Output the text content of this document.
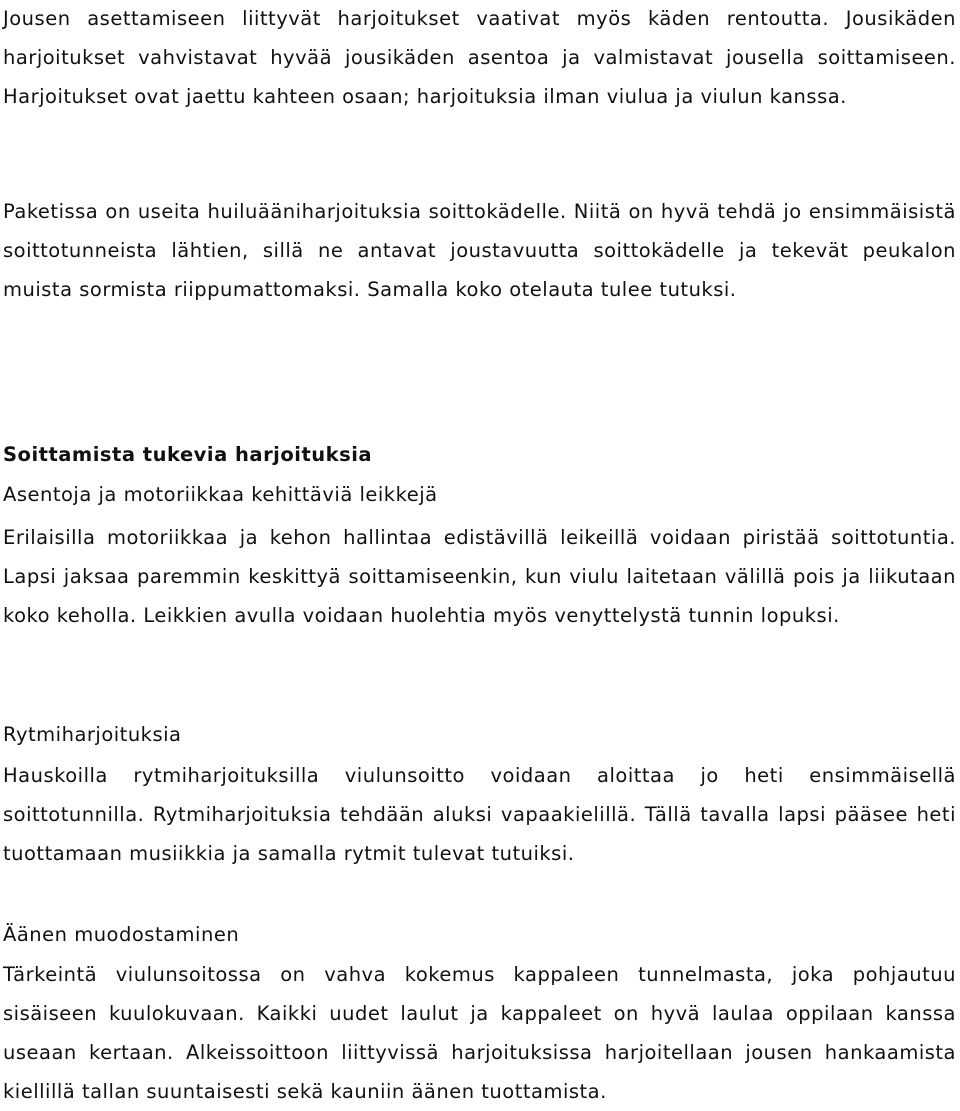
Jousen asettamiseen liittyvät harjoitukset vaativat myös käden rentoutta. Jousikäden harjoitukset vahvistavat hyvää jousikäden asentoa ja valmistavat jousella soittamiseen. Harjoitukset ovat jaettu kahteen osaan; harjoituksia ilman viulua ja viulun kanssa.

Paketissa on useita huiluääniharjoituksia soittokädelle. Niitä on hyvä tehdä jo ensimmäisistä soittotunneista lähtien, sillä ne antavat joustavuutta soittokädelle ja tekevät peukalon muista sormista riippumattomaksi. Samalla koko otelauta tulee tutuksi.

Soittamista tukevia harjoituksia

Asentoja ja motoriikkaa kehittäviä leikkejä

Erilaisilla motoriikkaa ja kehon hallintaa edistävillä leikeillä voidaan piristää soittotuntia. Lapsi jaksaa paremmin keskittyä soittamiseenkin, kun viulu laitetaan välillä pois ja liikutaan koko keholla. Leikkien avulla voidaan huolehtia myös venyttelystä tunnin lopuksi.

Rytmiharjoituksia

Hauskoilla rytmiharjoituksilla viulunsoitto voidaan aloittaa jo heti ensimmäisellä soittotunnilla. Rytmiharjoituksia tehdään aluksi vapaakielillä. Tällä tavalla lapsi pääsee heti tuottamaan musiikkia ja samalla rytmit tulevat tutuiksi.

Äänen muodostaminen

Tärkeintä viulunsoitossa on vahva kokemus kappaleen tunnelmasta, joka pohjautuu sisäiseen kuulokuvaan. Kaikki uudet laulut ja kappaleet on hyvä laulaa oppilaan kanssa useaan kertaan. Alkeissoittoon liittyvissä harjoituksissa harjoitellaan jousen hankaamista kiellillä tallan suuntaisesti sekä kauniin äänen tuottamista.
